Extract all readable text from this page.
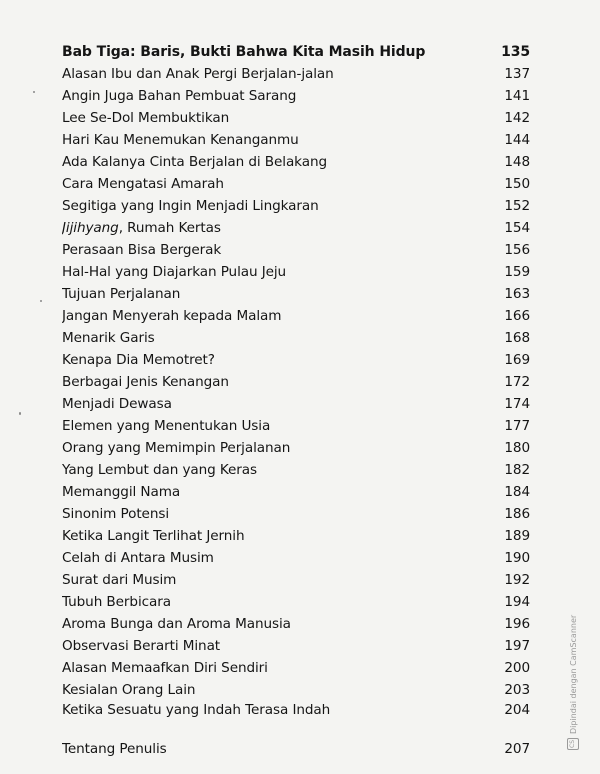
Bab Tiga: Baris, Bukti Bahwa Kita Masih Hidup	135
Alasan Ibu dan Anak Pergi Berjalan-jalan	137
Angin Juga Bahan Pembuat Sarang	141
Lee Se-Dol Membuktikan	142
Hari Kau Menemukan Kenanganmu	144
Ada Kalanya Cinta Berjalan di Belakang	148
Cara Mengatasi Amarah	150
Segitiga yang Ingin Menjadi Lingkaran	152
Jijihyang, Rumah Kertas	154
Perasaan Bisa Bergerak	156
Hal-Hal yang Diajarkan Pulau Jeju	159
Tujuan Perjalanan	163
Jangan Menyerah kepada Malam	166
Menarik Garis	168
Kenapa Dia Memotret?	169
Berbagai Jenis Kenangan	172
Menjadi Dewasa	174
Elemen yang Menentukan Usia	177
Orang yang Memimpin Perjalanan	180
Yang Lembut dan yang Keras	182
Memanggil Nama	184
Sinonim Potensi	186
Ketika Langit Terlihat Jernih	189
Celah di Antara Musim	190
Surat dari Musim	192
Tubuh Berbicara	194
Aroma Bunga dan Aroma Manusia	196
Observasi Berarti Minat	197
Alasan Memaafkan Diri Sendiri	200
Kesialan Orang Lain	203
Ketika Sesuatu yang Indah Terasa Indah	204
Tentang Penulis	207	CS
Dipindai dengan CamScanner
